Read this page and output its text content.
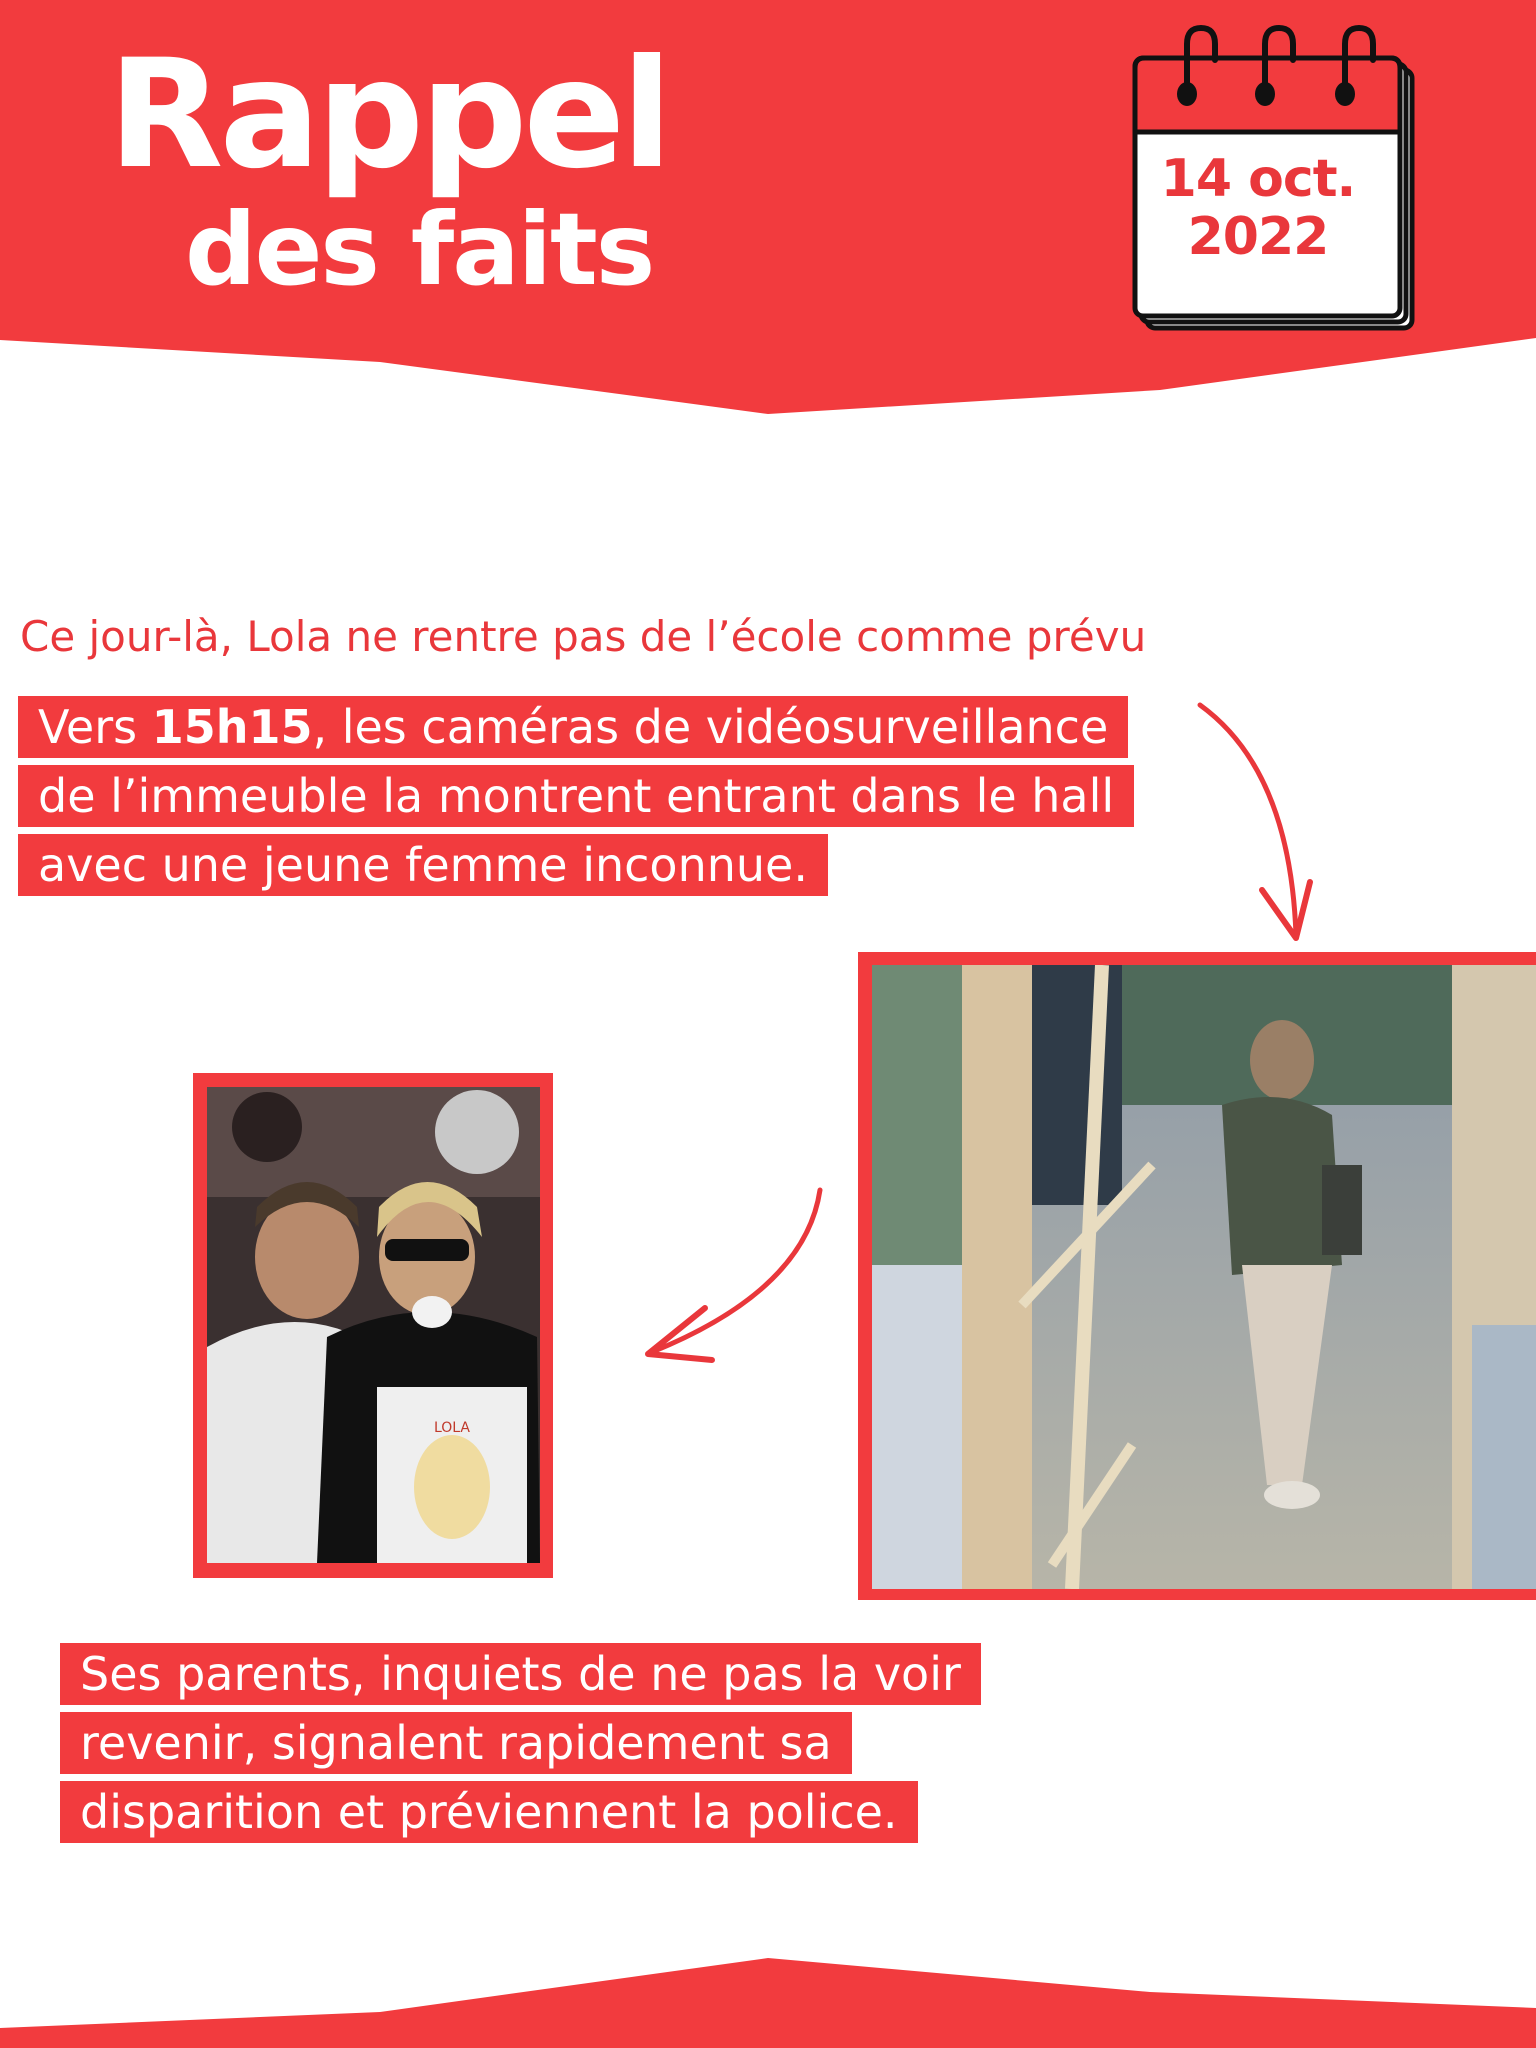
Rappel
des faits
14 oct.
2022
Ce jour-là, Lola ne rentre pas de l’école comme prévu
Vers 15h15, les caméras de vidéosurveillance de l’immeuble la montrent entrant dans le hall avec une jeune femme inconnue.
LOLA
Ses parents, inquiets de ne pas la voir revenir, signalent rapidement sa disparition et préviennent la police.
